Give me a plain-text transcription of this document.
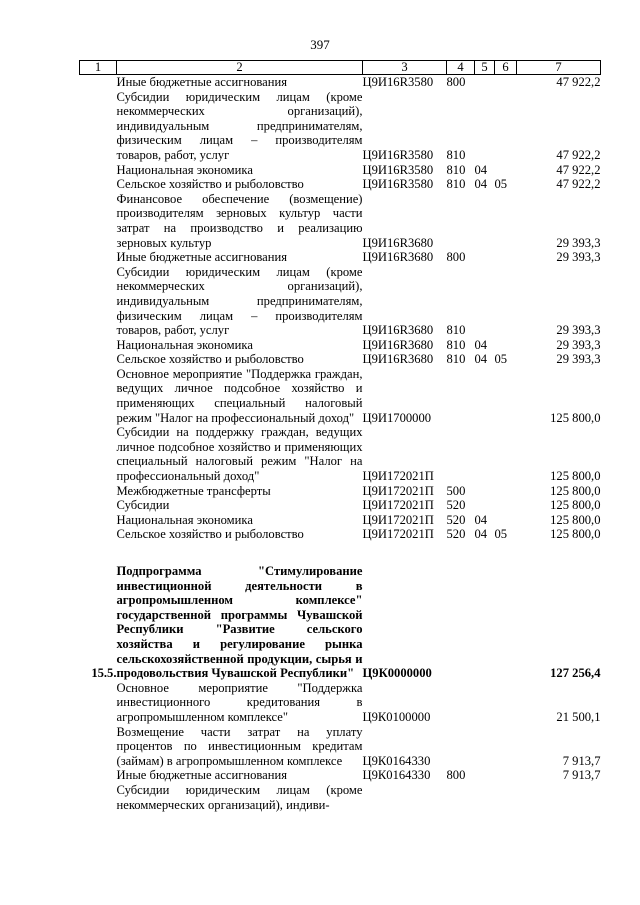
397
1	2	3	4	5	6	7
	Иные бюджетные ассигнования	Ц9И16R3580	800			47 922,2
	Субсидии юридическим лицам (кроме некоммерческих организаций), индивидуальным предпринимателям, физическим лицам – производителям товаров, работ, услуг	Ц9И16R3580	810			47 922,2
	Национальная экономика	Ц9И16R3580	810	04		47 922,2
	Сельское хозяйство и рыболовство	Ц9И16R3580	810	04	05	47 922,2
	Финансовое обеспечение (возмещение) производителям зерновых культур части затрат на производство и реализацию зерновых культур	Ц9И16R3680				29 393,3
	Иные бюджетные ассигнования	Ц9И16R3680	800			29 393,3
	Субсидии юридическим лицам (кроме некоммерческих организаций), индивидуальным предпринимателям, физическим лицам – производителям товаров, работ, услуг	Ц9И16R3680	810			29 393,3
	Национальная экономика	Ц9И16R3680	810	04		29 393,3
	Сельское хозяйство и рыболовство	Ц9И16R3680	810	04	05	29 393,3
	Основное мероприятие "Поддержка граждан, ведущих личное подсобное хозяйство и применяющих специальный налоговый режим "Налог на профессиональный доход"	Ц9И1700000				125 800,0
	Субсидии на поддержку граждан, ведущих личное подсобное хозяйство и применяющих специальный налоговый режим "Налог на профессиональный доход"	Ц9И172021П				125 800,0
	Межбюджетные трансферты	Ц9И172021П	500			125 800,0
	Субсидии	Ц9И172021П	520			125 800,0
	Национальная экономика	Ц9И172021П	520	04		125 800,0
	Сельское хозяйство и рыболовство	Ц9И172021П	520	04	05	125 800,0

15.5.	Подпрограмма "Стимулирование инвестиционной деятельности в агропромышленном комплексе" государственной программы Чувашской Республики "Развитие сельского хозяйства и регулирование рынка сельскохозяйственной продукции, сырья и продовольствия Чувашской Республики"	Ц9К0000000				127 256,4
	Основное мероприятие "Поддержка инвестиционного кредитования в агропромышленном комплексе"	Ц9К0100000				21 500,1
	Возмещение части затрат на уплату процентов по инвестиционным кредитам (займам) в агропромышленном комплексе	Ц9К0164330				7 913,7
	Иные бюджетные ассигнования	Ц9К0164330	800			7 913,7
	Субсидии юридическим лицам (кроме некоммерческих организаций), индиви-					
